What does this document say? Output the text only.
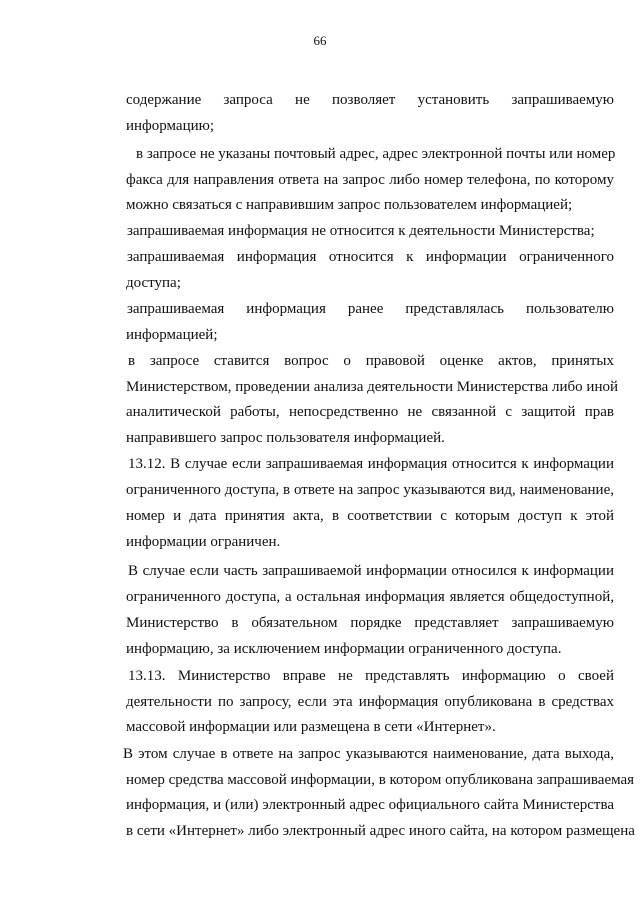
66
содержание запроса не позволяет установить запрашиваемую
информацию;
в запросе не указаны почтовый адрес, адрес электронной почты или номер
факса для направления ответа на запрос либо номер телефона, по которому
можно связаться с направившим запрос пользователем информацией;
запрашиваемая информация не относится к деятельности Министерства;
запрашиваемая информация относится к информации ограниченного
доступа;
запрашиваемая информация ранее представлялась пользователю
информацией;
в запросе ставится вопрос о правовой оценке актов, принятых
Министерством, проведении анализа деятельности Министерства либо иной
аналитической работы, непосредственно не связанной с защитой прав
направившего запрос пользователя информацией.
13.12. В случае если запрашиваемая информация относится к информации
ограниченного доступа, в ответе на запрос указываются вид, наименование,
номер и дата принятия акта, в соответствии с которым доступ к этой
информации ограничен.
В случае если часть запрашиваемой информации относился к информации
ограниченного доступа, а остальная информация является общедоступной,
Министерство в обязательном порядке представляет запрашиваемую
информацию, за исключением информации ограниченного доступа.
13.13. Министерство вправе не представлять информацию о своей
деятельности по запросу, если эта информация опубликована в средствах
массовой информации или размещена в сети «Интернет».
В этом случае в ответе на запрос указываются наименование, дата выхода,
номер средства массовой информации, в котором опубликована запрашиваемая
информация, и (или) электронный адрес официального сайта Министерства
в сети «Интернет» либо электронный адрес иного сайта, на котором размещена
